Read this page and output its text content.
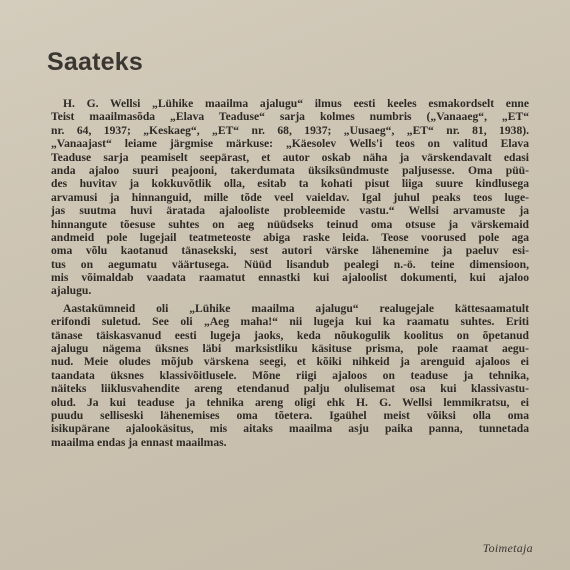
Saateks
H. G. Wellsi „Lühike maailma ajalugu“ ilmus eesti keeles esmakordselt enne
Teist maailmasõda „Elava Teaduse“ sarja kolmes numbris („Vanaaeg“, „ET“
nr. 64, 1937; „Keskaeg“, „ET“ nr. 68, 1937; „Uusaeg“, „ET“ nr. 81, 1938).
„Vanaajast“ leiame järgmise märkuse: „Käesolev Wells'i teos on valitud Elava
Teaduse sarja peamiselt seepärast, et autor oskab näha ja värskendavalt edasi
anda ajaloo suuri peajooni, takerdumata üksiksündmuste paljusesse. Oma püü-
des huvitav ja kokkuvõtlik olla, esitab ta kohati pisut liiga suure kindlusega
arvamusi ja hinnanguid, mille tõde veel vaieldav. Igal juhul peaks teos luge-
jas suutma huvi äratada ajalooliste probleemide vastu.“ Wellsi arvamuste ja
hinnangute tõesuse suhtes on aeg nüüdseks teinud oma otsuse ja värskemaid
andmeid pole lugejail teatmeteoste abiga raske leida. Teose voorused pole aga
oma võlu kaotanud tänasekski, sest autori värske lähenemine ja paeluv esi-
tus on aegumatu väärtusega. Nüüd lisandub pealegi n.-ö. teine dimensioon,
mis võimaldab vaadata raamatut ennastki kui ajaloolist dokumenti, kui ajaloo
ajalugu.
Aastakümneid oli „Lühike maailma ajalugu“ realugejale kättesaamatult
erifondi suletud. See oli „Aeg maha!“ nii lugeja kui ka raamatu suhtes. Eriti
tänase täiskasvanud eesti lugeja jaoks, keda nõukogulik koolitus on õpetanud
ajalugu nägema üksnes läbi marksistliku käsituse prisma, pole raamat aegu-
nud. Meie oludes mõjub värskena seegi, et kõiki nihkeid ja arenguid ajaloos ei
taandata üksnes klassivõitlusele. Mõne riigi ajaloos on teaduse ja tehnika,
näiteks liiklusvahendite areng etendanud palju olulisemat osa kui klassivastu-
olud. Ja kui teaduse ja tehnika areng oligi ehk H. G. Wellsi lemmikratsu, ei
puudu selliseski lähenemises oma tõetera. Igaühel meist võiksi olla oma
isikupärane ajalookäsitus, mis aitaks maailma asju paika panna, tunnetada
maailma endas ja ennast maailmas.
Toimetaja
